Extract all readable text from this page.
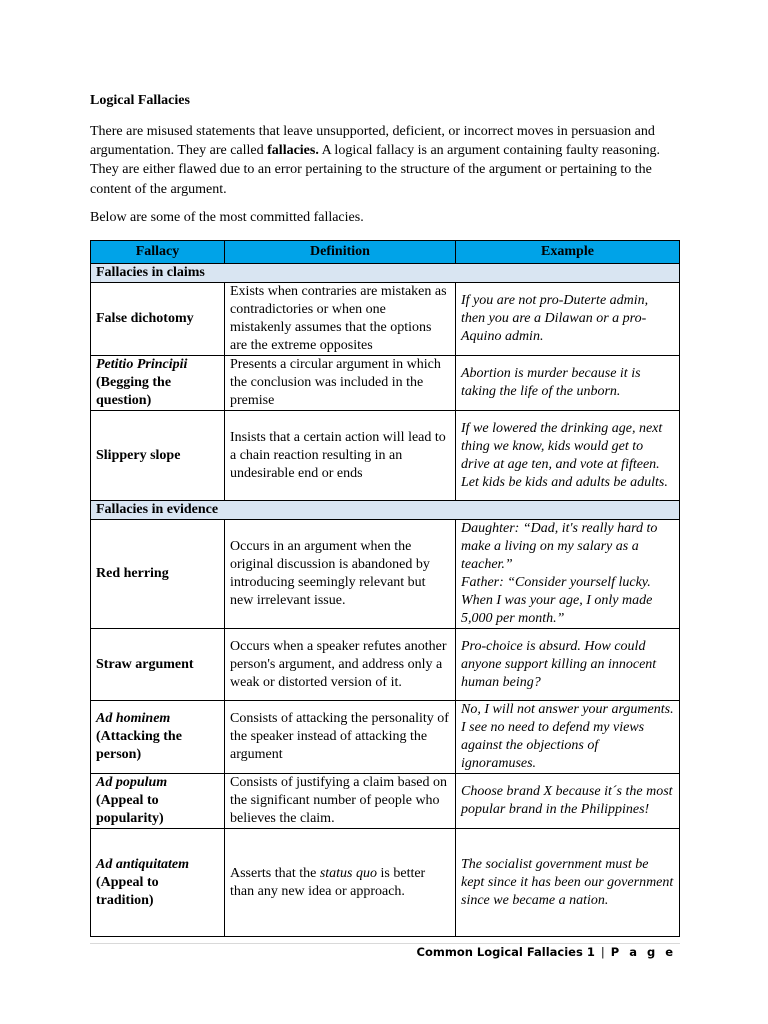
Logical Fallacies

There are misused statements that leave unsupported, deficient, or incorrect moves in persuasion and argumentation. They are called fallacies. A logical fallacy is an argument containing faulty reasoning. They are either flawed due to an error pertaining to the structure of the argument or pertaining to the content of the argument.

Below are some of the most committed fallacies.
Fallacy	Definition	Example
Fallacies in claims		
False dichotomy	Exists when contraries are mistaken as contradictories or when one mistakenly assumes that the options are the extreme opposites	If you are not pro-Duterte admin, then you are a Dilawan or a pro-Aquino admin.
Petitio Principii
(Begging the question)	Presents a circular argument in which the conclusion was included in the premise	Abortion is murder because it is taking the life of the unborn.
Slippery slope	Insists that a certain action will lead to a chain reaction resulting in an undesirable end or ends	If we lowered the drinking age, next thing we know, kids would get to drive at age ten, and vote at fifteen. Let kids be kids and adults be adults.
Fallacies in evidence		
Red herring	Occurs in an argument when the original discussion is abandoned by introducing seemingly relevant but new irrelevant issue.	Daughter: “Dad, it's really hard to make a living on my salary as a teacher.”
Father: “Consider yourself lucky. When I was your age, I only made 5,000 per month.”
Straw argument	Occurs when a speaker refutes another person's argument, and address only a weak or distorted version of it.	Pro-choice is absurd. How could anyone support killing an innocent human being?
Ad hominem
(Attacking the person)	Consists of attacking the personality of the speaker instead of attacking the argument	No, I will not answer your arguments. I see no need to defend my views against the objections of ignoramuses.
Ad populum
(Appeal to popularity)	Consists of justifying a claim based on the significant number of people who believes the claim.	Choose brand X because it´s the most popular brand in the Philippines!
Ad antiquitatem
(Appeal to tradition)	Asserts that the status quo is better than any new idea or approach.	The socialist government must be kept since it has been our government since we became a nation.
Common Logical Fallacies 1 | P a g e
